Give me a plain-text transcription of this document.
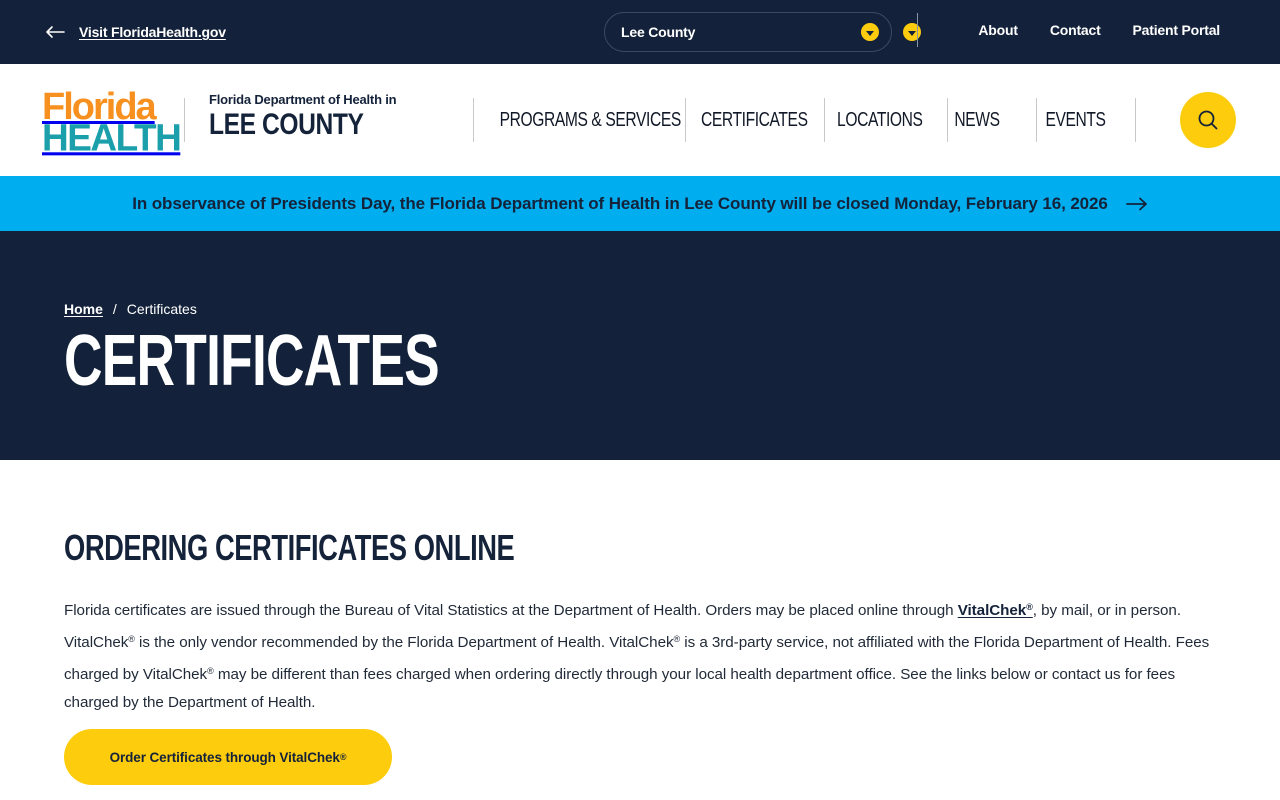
Visit FloridaHealth.gov	Lee County	About Contact Patient Portal
Florida
HEALTH
Florida Department of Health in
LEE COUNTY	PROGRAMS & SERVICES CERTIFICATES LOCATIONS NEWS EVENTS
In observance of Presidents Day, the Florida Department of Health in Lee County will be closed Monday, February 16, 2026
Home / Certificates
CERTIFICATES
ORDERING CERTIFICATES ONLINE

Florida certificates are issued through the Bureau of Vital Statistics at the Department of Health. Orders may be placed online through VitalChek®, by mail, or in person. VitalChek® is the only vendor recommended by the Florida Department of Health. VitalChek® is a 3rd-party service, not affiliated with the Florida Department of Health. Fees charged by VitalChek® may be different than fees charged when ordering directly through your local health department office. See the links below or contact us for fees charged by the Department of Health.

Order Certificates through VitalChek ®
